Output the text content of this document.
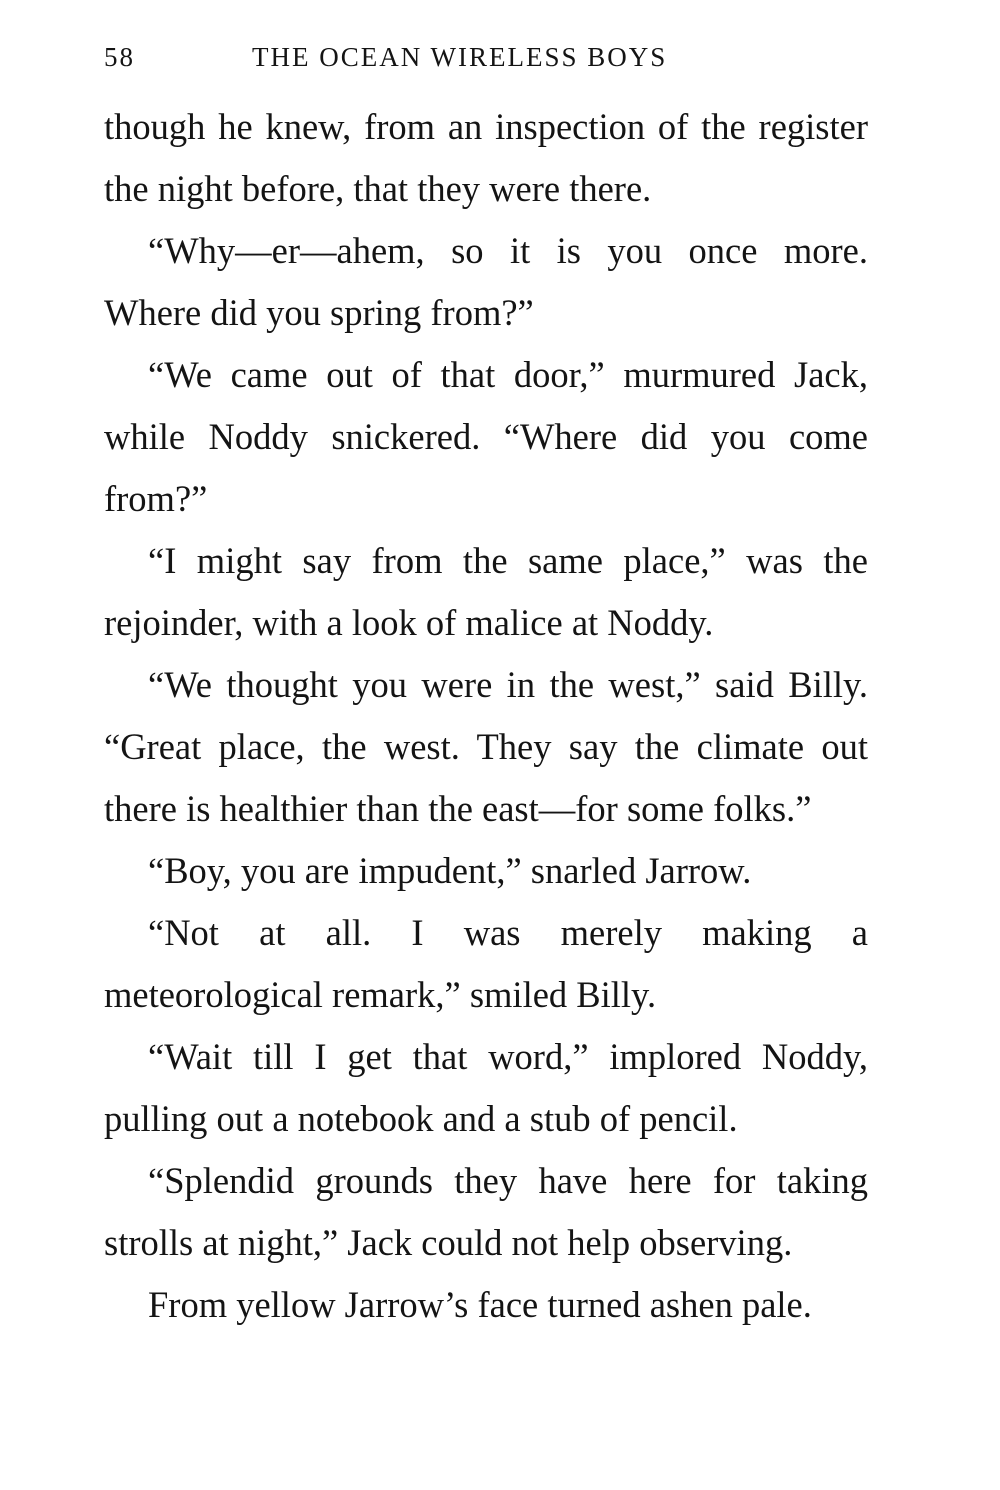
58	THE OCEAN WIRELESS BOYS

though he knew, from an inspection of the register the night before, that they were there.

“Why—er—ahem, so it is you once more. Where did you spring from?”

“We came out of that door,” murmured Jack, while Noddy snickered. “Where did you come from?”

“I might say from the same place,” was the rejoinder, with a look of malice at Noddy.

“We thought you were in the west,” said Billy. “Great place, the west. They say the climate out there is healthier than the east—for some folks.”

“Boy, you are impudent,” snarled Jarrow.

“Not at all. I was merely making a meteorological remark,” smiled Billy.

“Wait till I get that word,” implored Noddy, pulling out a notebook and a stub of pencil.

“Splendid grounds they have here for taking strolls at night,” Jack could not help observing.

From yellow Jarrow’s face turned ashen pale.
